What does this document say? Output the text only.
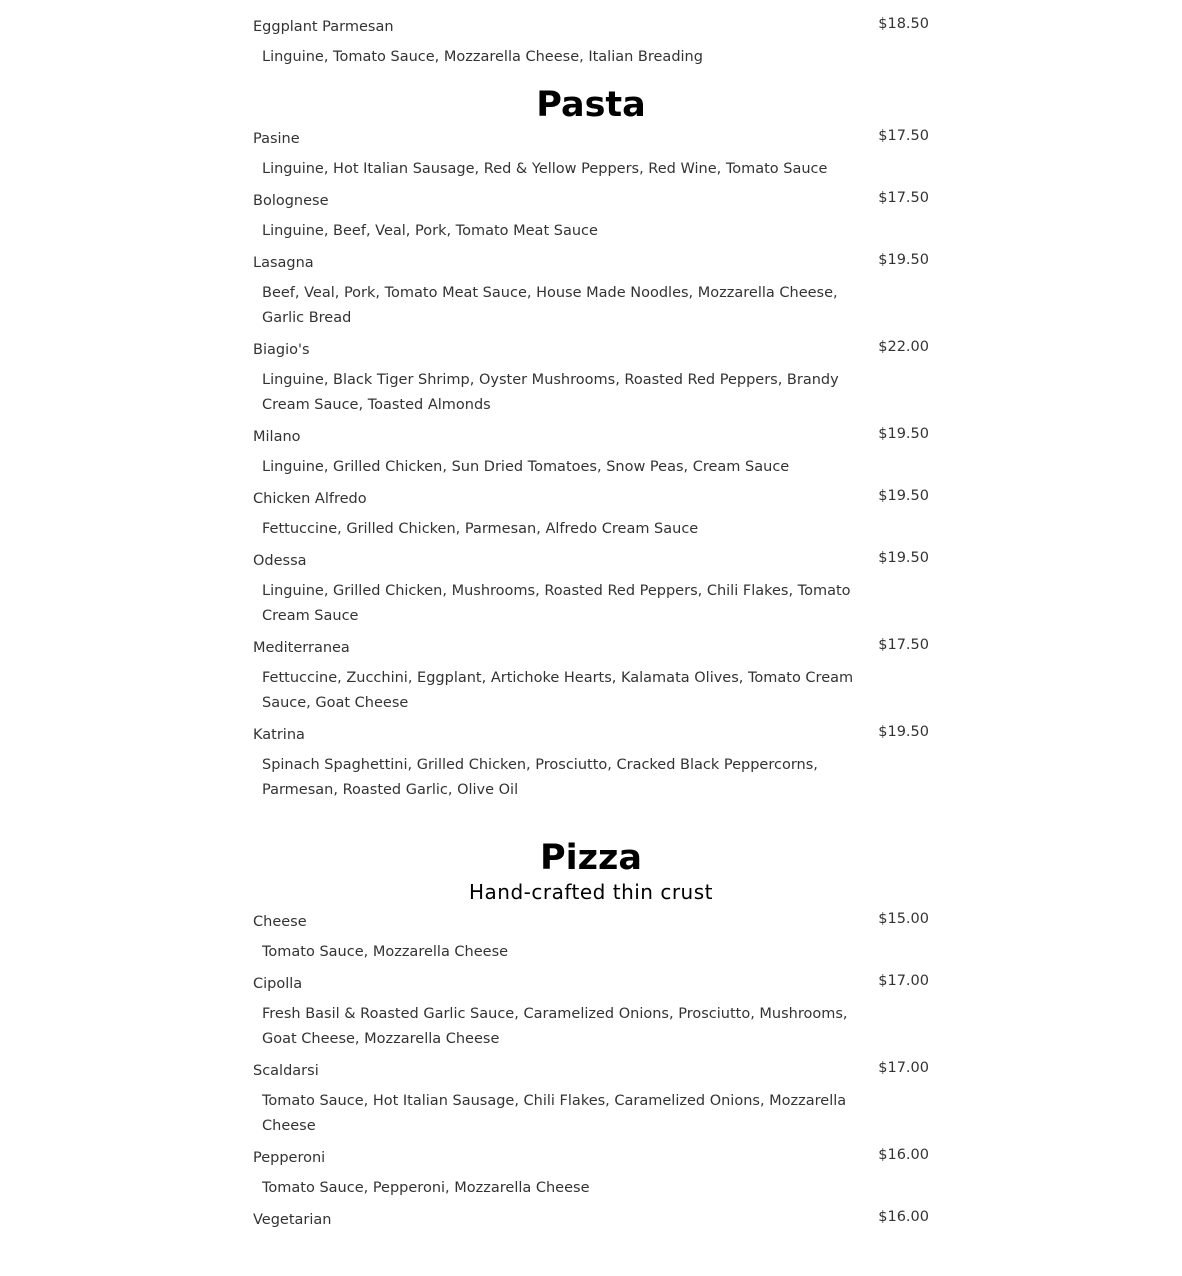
Eggplant Parmesan	$18.50
Linguine, Tomato Sauce, Mozzarella Cheese, Italian Breading
Pasta
Pasine	$17.50
Linguine, Hot Italian Sausage, Red & Yellow Peppers, Red Wine, Tomato Sauce
Bolognese	$17.50
Linguine, Beef, Veal, Pork, Tomato Meat Sauce
Lasagna	$19.50
Beef, Veal, Pork, Tomato Meat Sauce, House Made Noodles, Mozzarella Cheese, Garlic Bread
Biagio's	$22.00
Linguine, Black Tiger Shrimp, Oyster Mushrooms, Roasted Red Peppers, Brandy Cream Sauce, Toasted Almonds
Milano	$19.50
Linguine, Grilled Chicken, Sun Dried Tomatoes, Snow Peas, Cream Sauce
Chicken Alfredo	$19.50
Fettuccine, Grilled Chicken, Parmesan, Alfredo Cream Sauce
Odessa	$19.50
Linguine, Grilled Chicken, Mushrooms, Roasted Red Peppers, Chili Flakes, Tomato Cream Sauce
Mediterranea	$17.50
Fettuccine, Zucchini, Eggplant, Artichoke Hearts, Kalamata Olives, Tomato Cream Sauce, Goat Cheese
Katrina	$19.50
Spinach Spaghettini, Grilled Chicken, Prosciutto, Cracked Black Peppercorns, Parmesan, Roasted Garlic, Olive Oil
Pizza
Hand-crafted thin crust
Cheese	$15.00
Tomato Sauce, Mozzarella Cheese
Cipolla	$17.00
Fresh Basil & Roasted Garlic Sauce, Caramelized Onions, Prosciutto, Mushrooms, Goat Cheese, Mozzarella Cheese
Scaldarsi	$17.00
Tomato Sauce, Hot Italian Sausage, Chili Flakes, Caramelized Onions, Mozzarella Cheese
Pepperoni	$16.00
Tomato Sauce, Pepperoni, Mozzarella Cheese
Vegetarian	$16.00
